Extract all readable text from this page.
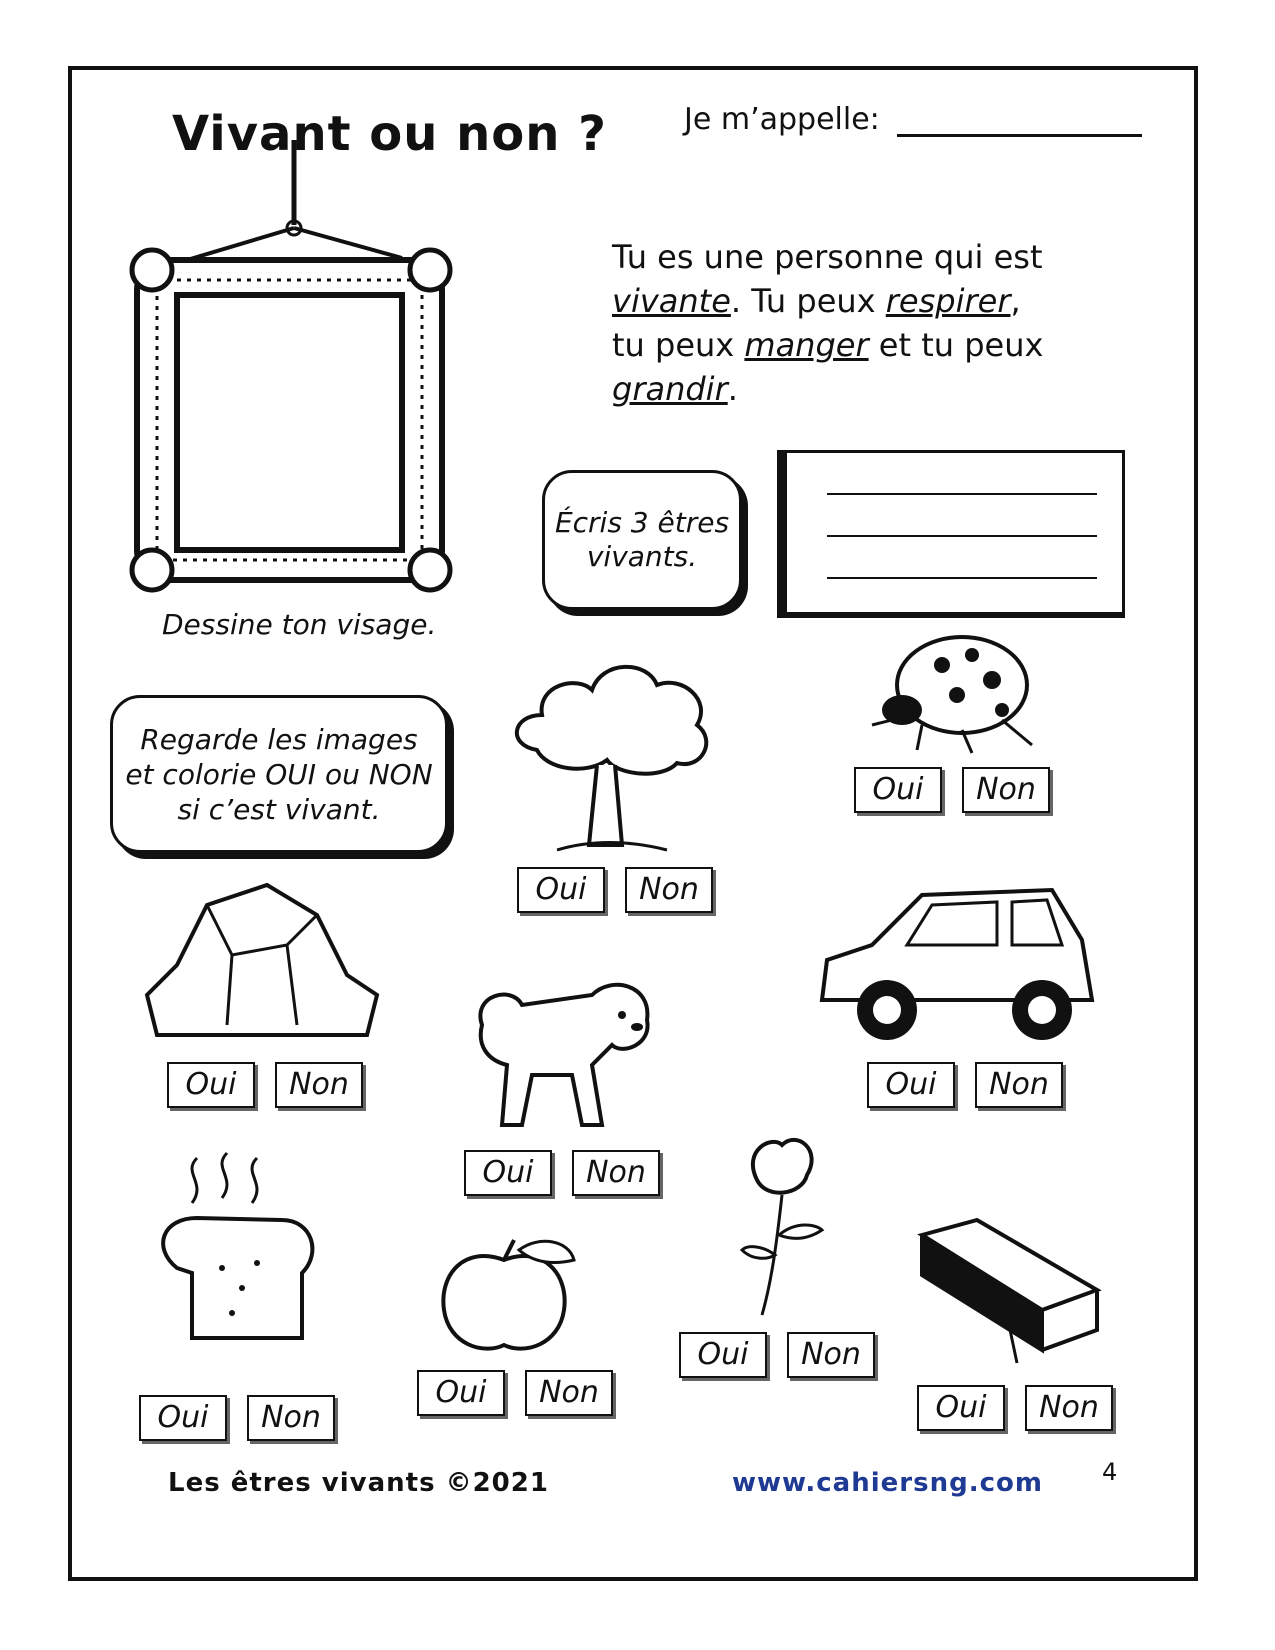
Vivant ou non ?	Je m’appelle:
Dessine ton visage.
Tu es une personne qui est
vivante. Tu peux respirer,
tu peux manger et tu peux
grandir.
Écris 3 êtres vivants.
Regarde les images et colorie OUI ou NON si c’est vivant.
Oui	Non
Oui	Non
Oui	Non	Oui	Non
Oui	Non
Oui	Non
Oui	Non
Oui	Non
Oui	Non
Les êtres vivants ©2021	www.cahiersng.com 4
